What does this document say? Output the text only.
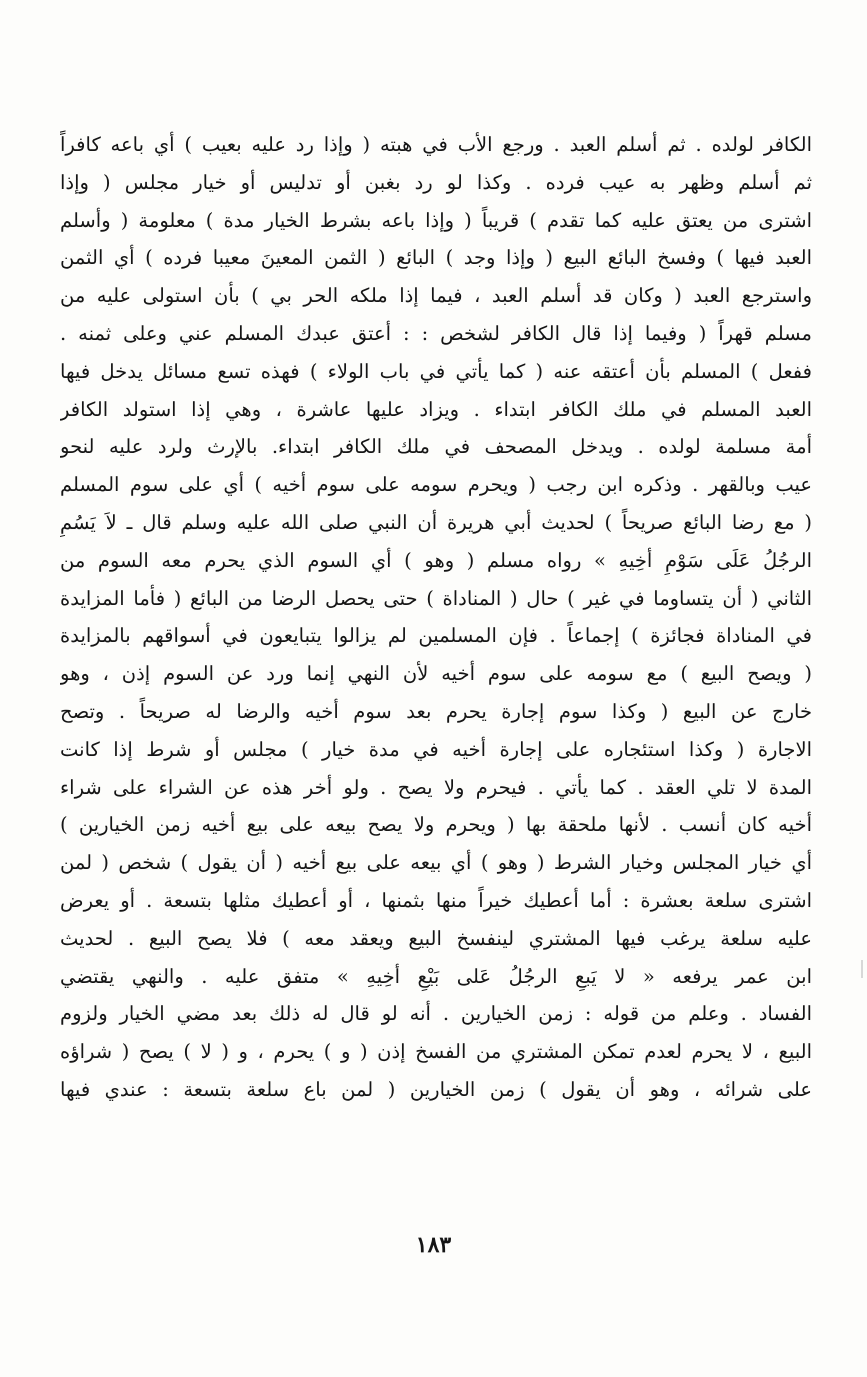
الكافر لولده . ثم أسلم العبد . ورجع الأب في هبته ( وإذا رد عليه بعيب ) أي باعه كافراً
ثم أسلم وظهر به عيب فرده . وكذا لو رد بغبن أو تدليس أو خيار مجلس ( وإذا
اشترى من يعتق عليه كما تقدم ) قريباً ( وإذا باعه بشرط الخيار مدة ) معلومة ( وأسلم
العبد فيها ) وفسخ البائع البيع ( وإذا وجد ) البائع ( الثمن المعينَ معيبا فرده ) أي الثمن
واسترجع العبد ( وكان قد أسلم العبد ، فيما إذا ملكه الحر بي ) بأن استولى عليه من
مسلم قهراً ( وفيما إذا قال الكافر لشخص : : أعتق عبدك المسلم عني وعلى ثمنه .
ففعل ) المسلم بأن أعتقه عنه ( كما يأتي في باب الولاء ) فهذه تسع مسائل يدخل فيها
العبد المسلم في ملك الكافر ابتداء . ويزاد عليها عاشرة ، وهي إذا استولد الكافر
أمة مسلمة لولده . ويدخل المصحف في ملك الكافر ابتداء. بالإرث ولرد عليه لنحو
عيب وبالقهر . وذكره ابن رجب ( ويحرم سومه على سوم أخيه ) أي على سوم المسلم
( مع رضا البائع صريحاً ) لحديث أبي هريرة أن النبي صلى الله عليه وسلم قال ـ لاَ يَسُمِ
الرجُلُ عَلَى سَوْمِ أخِيهِ » رواه مسلم ( وهو ) أي السوم الذي يحرم معه السوم من
الثاني ( أن يتساوما في غير ) حال ( المناداة ) حتى يحصل الرضا من البائع ( فأما المزايدة
في المناداة فجائزة ) إجماعاً . فإن المسلمين لم يزالوا يتبايعون في أسواقهم بالمزايدة
( ويصح البيع ) مع سومه على سوم أخيه لأن النهي إنما ورد عن السوم إذن ، وهو
خارج عن البيع ( وكذا سوم إجارة يحرم بعد سوم أخيه والرضا له صريحاً . وتصح
الاجارة ( وكذا استئجاره على إجارة أخيه في مدة خيار ) مجلس أو شرط إذا كانت
المدة لا تلي العقد . كما يأتي . فيحرم ولا يصح . ولو أخر هذه عن الشراء على شراء
أخيه كان أنسب . لأنها ملحقة بها ( ويحرم ولا يصح بيعه على بيع أخيه زمن الخيارين )
أي خيار المجلس وخيار الشرط ( وهو ) أي بيعه على بيع أخيه ( أن يقول ) شخص ( لمن
اشترى سلعة بعشرة : أما أعطيك خيراً منها بثمنها ، أو أعطيك مثلها بتسعة . أو يعرض
عليه سلعة يرغب فيها المشتري لينفسخ البيع ويعقد معه ) فلا يصح البيع . لحديث
ابن عمر يرفعه « لا يَبعِ الرجُلُ عَلى بَيْعِ أخِيهِ » متفق عليه . والنهي يقتضي
الفساد . وعلم من قوله : زمن الخيارين . أنه لو قال له ذلك بعد مضي الخيار ولزوم
البيع ، لا يحرم لعدم تمكن المشتري من الفسخ إذن ( و ) يحرم ، و ( لا ) يصح ( شراؤه
على شرائه ، وهو أن يقول ) زمن الخيارين ( لمن باع سلعة بتسعة : عندي فيها
١٨٣
